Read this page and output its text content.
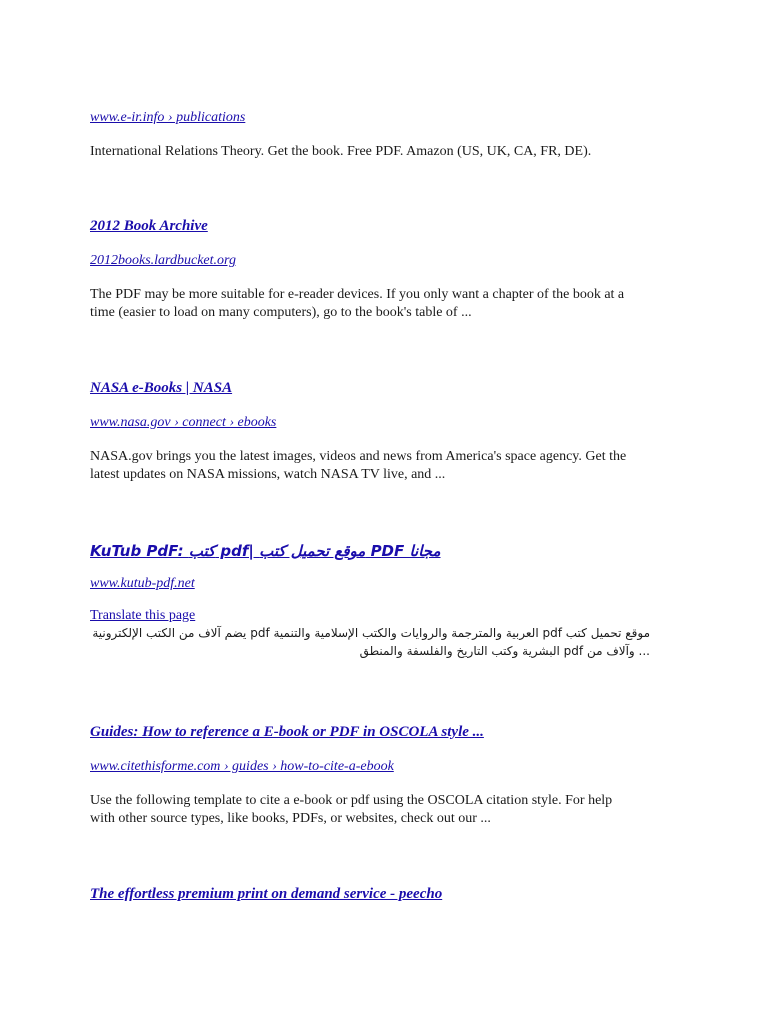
www.e-ir.info › publications
International Relations Theory. Get the book. Free PDF. Amazon (US, UK, CA, FR, DE).
2012 Book Archive
2012books.lardbucket.org
The PDF may be more suitable for e-reader devices. If you only want a chapter of the book at a
time (easier to load on many computers), go to the book's table of ...
NASA e-Books | NASA
www.nasa.gov › connect › ebooks
NASA.gov brings you the latest images, videos and news from America's space agency. Get the
latest updates on NASA missions, watch NASA TV live, and ...
KuTub PdF: كتب pdf| موقع تحميل كتب PDF مجانا
www.kutub-pdf.net
Translate this page
موقع تحميل كتب pdf العربية والمترجمة والروايات والكتب الإسلامية والتنمية pdf يضم آلاف من الكتب الإلكترونية
... وآلاف من pdf البشرية وكتب التاريخ والفلسفة والمنطق
Guides: How to reference a E-book or PDF in OSCOLA style ...
www.citethisforme.com › guides › how-to-cite-a-ebook
Use the following template to cite a e-book or pdf using the OSCOLA citation style. For help
with other source types, like books, PDFs, or websites, check out our ...
The effortless premium print on demand service - peecho
